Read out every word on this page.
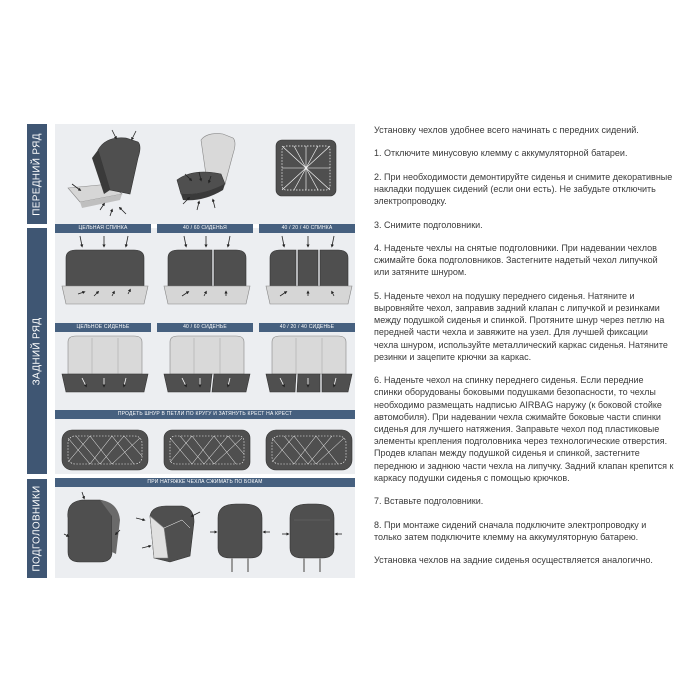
ПЕРЕДНИЙ РЯД
ЗАДНИЙ РЯД
ПОДГОЛОВНИКИ
ЦЕЛЬНАЯ СПИНКА	40 / 60 СИДЕНЬЯ	40 / 20 / 40 СПИНКА
ЦЕЛЬНОЕ СИДЕНЬЕ	40 / 60 СИДЕНЬЕ	40 / 20 / 40 СИДЕНЬЕ
ПРОДЕТЬ ШНУР В ПЕТЛИ ПО КРУГУ И ЗАТЯНУТЬ КРЕСТ НА КРЕСТ
ПРИ НАТЯЖКЕ ЧЕХЛА СЖИМАТЬ ПО БОКАМ

Установку чехлов удобнее всего начинать с передних сидений.

1. Отключите минусовую клемму с аккумуляторной батареи.

2. При необходимости демонтируйте сиденья и снимите декоративные накладки подушек сидений (если они есть). Не забудьте отключить электропроводку.

3. Снимите подголовники.

4. Наденьте чехлы на снятые подголовники. При надевании чехлов сжимайте бока подголовников. Застегните надетый чехол липучкой или затяните шнуром.

5. Наденьте чехол на подушку переднего сиденья. Натяните и выровняйте чехол, заправив задний клапан с липучкой и резинками между подушкой сиденья и спинкой. Протяните шнур через петлю на передней части чехла и завяжите на узел. Для лучшей фиксации чехла шнуром, используйте металлический каркас сиденья. Натяните резинки и зацепите крючки за каркас.

6. Наденьте чехол на спинку переднего сиденья. Если передние спинки оборудованы боковыми подушками безопасности, то чехлы необходимо размещать надписью AIRBAG наружу (к боковой стойке автомобиля). При надевании чехла сжимайте боковые части спинки сиденья для лучшего натяжения. Заправьте чехол под пластиковые элементы крепления подголовника через технологические отверстия. Продев клапан между подушкой сиденья и спинкой, застегните переднюю и заднюю части чехла на липучку. Задний клапан крепится к каркасу подушки сиденья с помощью крючков.

7. Вставьте подголовники.

8. При монтаже сидений сначала подключите электропроводку и только затем подключите клемму на аккумуляторную батарею.

Установка чехлов на задние сиденья осуществляется аналогично.
